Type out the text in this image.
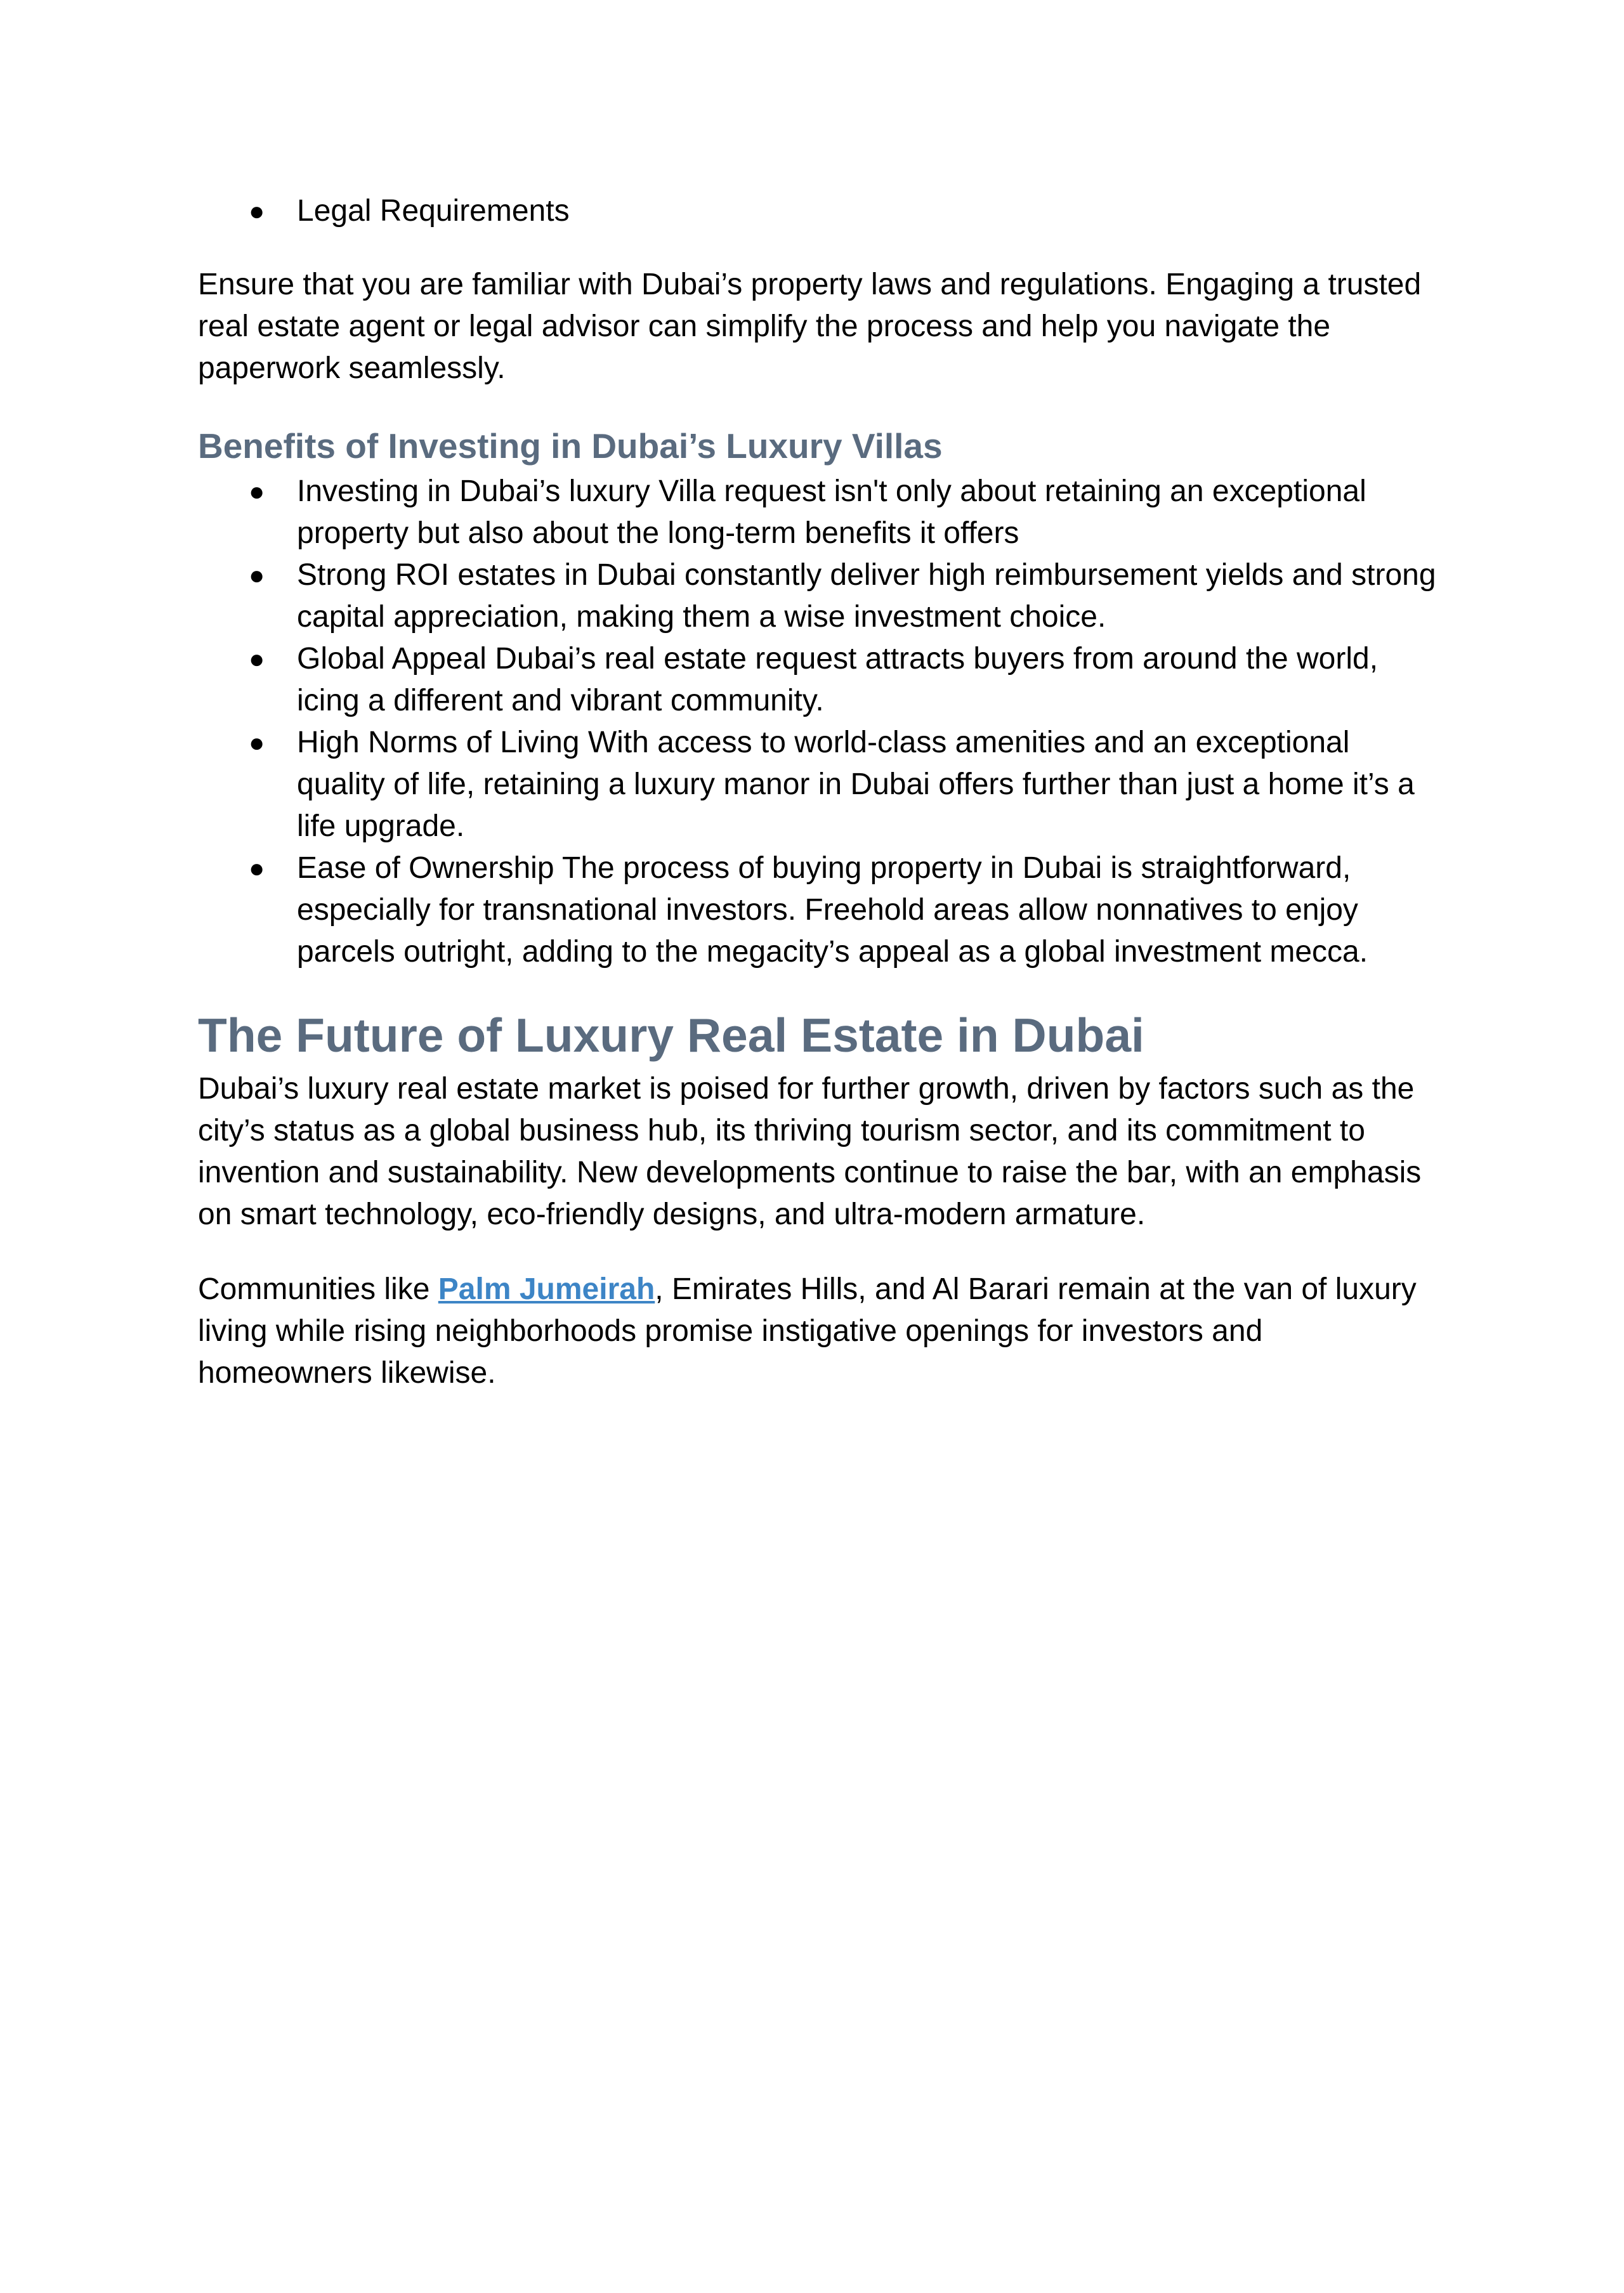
● Legal Requirements

Ensure that you are familiar with Dubai’s property laws and regulations. Engaging a trusted real estate agent or legal advisor can simplify the process and help you navigate the paperwork seamlessly.

Benefits of Investing in Dubai’s Luxury Villas
● Investing in Dubai’s luxury Villa request isn't only about retaining an exceptional property but also about the long-term benefits it offers
● Strong ROI estates in Dubai constantly deliver high reimbursement yields and strong capital appreciation, making them a wise investment choice.
● Global Appeal Dubai’s real estate request attracts buyers from around the world, icing a different and vibrant community.
● High Norms of Living With access to world-class amenities and an exceptional quality of life, retaining a luxury manor in Dubai offers further than just a home it’s a life upgrade.
● Ease of Ownership The process of buying property in Dubai is straightforward, especially for transnational investors. Freehold areas allow nonnatives to enjoy parcels outright, adding to the megacity’s appeal as a global investment mecca.
The Future of Luxury Real Estate in Dubai

Dubai’s luxury real estate market is poised for further growth, driven by factors such as the city’s status as a global business hub, its thriving tourism sector, and its commitment to invention and sustainability. New developments continue to raise the bar, with an emphasis on smart technology, eco-friendly designs, and ultra-modern armature.

Communities like Palm Jumeirah, Emirates Hills, and Al Barari remain at the van of luxury living while rising neighborhoods promise instigative openings for investors and homeowners likewise.
